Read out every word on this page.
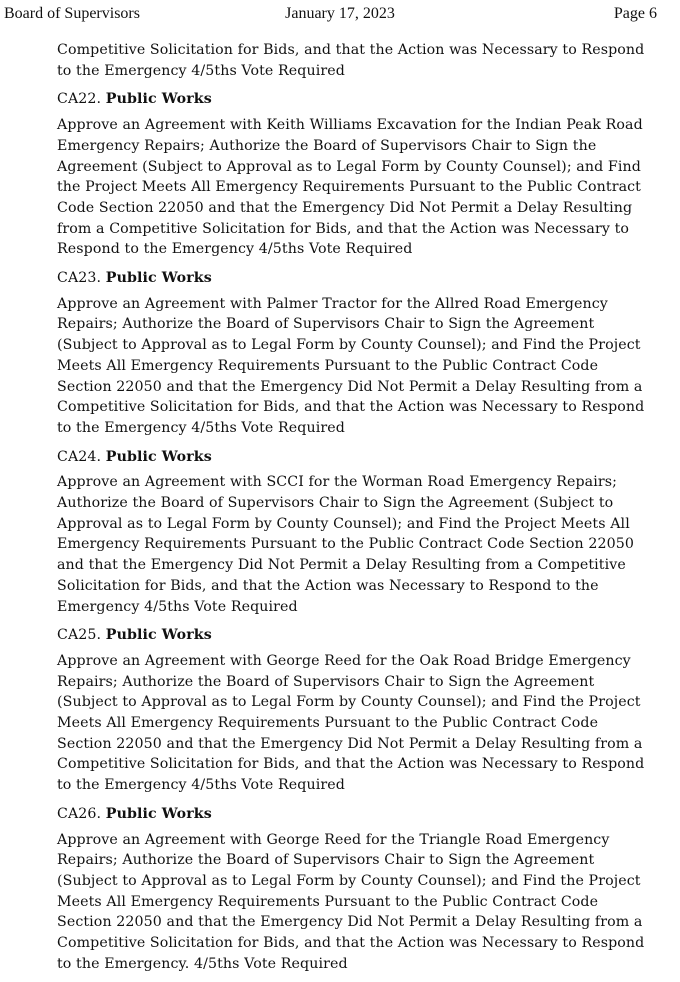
January 17, 2023
Board of Supervisors	Page 6
Competitive Solicitation for Bids, and that the Action was Necessary to Respond
to the Emergency 4/5ths Vote Required
CA22. Public Works
Approve an Agreement with Keith Williams Excavation for the Indian Peak Road
Emergency Repairs; Authorize the Board of Supervisors Chair to Sign the
Agreement (Subject to Approval as to Legal Form by County Counsel); and Find
the Project Meets All Emergency Requirements Pursuant to the Public Contract
Code Section 22050 and that the Emergency Did Not Permit a Delay Resulting
from a Competitive Solicitation for Bids, and that the Action was Necessary to
Respond to the Emergency 4/5ths Vote Required
CA23. Public Works
Approve an Agreement with Palmer Tractor for the Allred Road Emergency
Repairs; Authorize the Board of Supervisors Chair to Sign the Agreement
(Subject to Approval as to Legal Form by County Counsel); and Find the Project
Meets All Emergency Requirements Pursuant to the Public Contract Code
Section 22050 and that the Emergency Did Not Permit a Delay Resulting from a
Competitive Solicitation for Bids, and that the Action was Necessary to Respond
to the Emergency 4/5ths Vote Required
CA24. Public Works
Approve an Agreement with SCCI for the Worman Road Emergency Repairs;
Authorize the Board of Supervisors Chair to Sign the Agreement (Subject to
Approval as to Legal Form by County Counsel); and Find the Project Meets All
Emergency Requirements Pursuant to the Public Contract Code Section 22050
and that the Emergency Did Not Permit a Delay Resulting from a Competitive
Solicitation for Bids, and that the Action was Necessary to Respond to the
Emergency 4/5ths Vote Required
CA25. Public Works
Approve an Agreement with George Reed for the Oak Road Bridge Emergency
Repairs; Authorize the Board of Supervisors Chair to Sign the Agreement
(Subject to Approval as to Legal Form by County Counsel); and Find the Project
Meets All Emergency Requirements Pursuant to the Public Contract Code
Section 22050 and that the Emergency Did Not Permit a Delay Resulting from a
Competitive Solicitation for Bids, and that the Action was Necessary to Respond
to the Emergency 4/5ths Vote Required
CA26. Public Works
Approve an Agreement with George Reed for the Triangle Road Emergency
Repairs; Authorize the Board of Supervisors Chair to Sign the Agreement
(Subject to Approval as to Legal Form by County Counsel); and Find the Project
Meets All Emergency Requirements Pursuant to the Public Contract Code
Section 22050 and that the Emergency Did Not Permit a Delay Resulting from a
Competitive Solicitation for Bids, and that the Action was Necessary to Respond
to the Emergency. 4/5ths Vote Required
